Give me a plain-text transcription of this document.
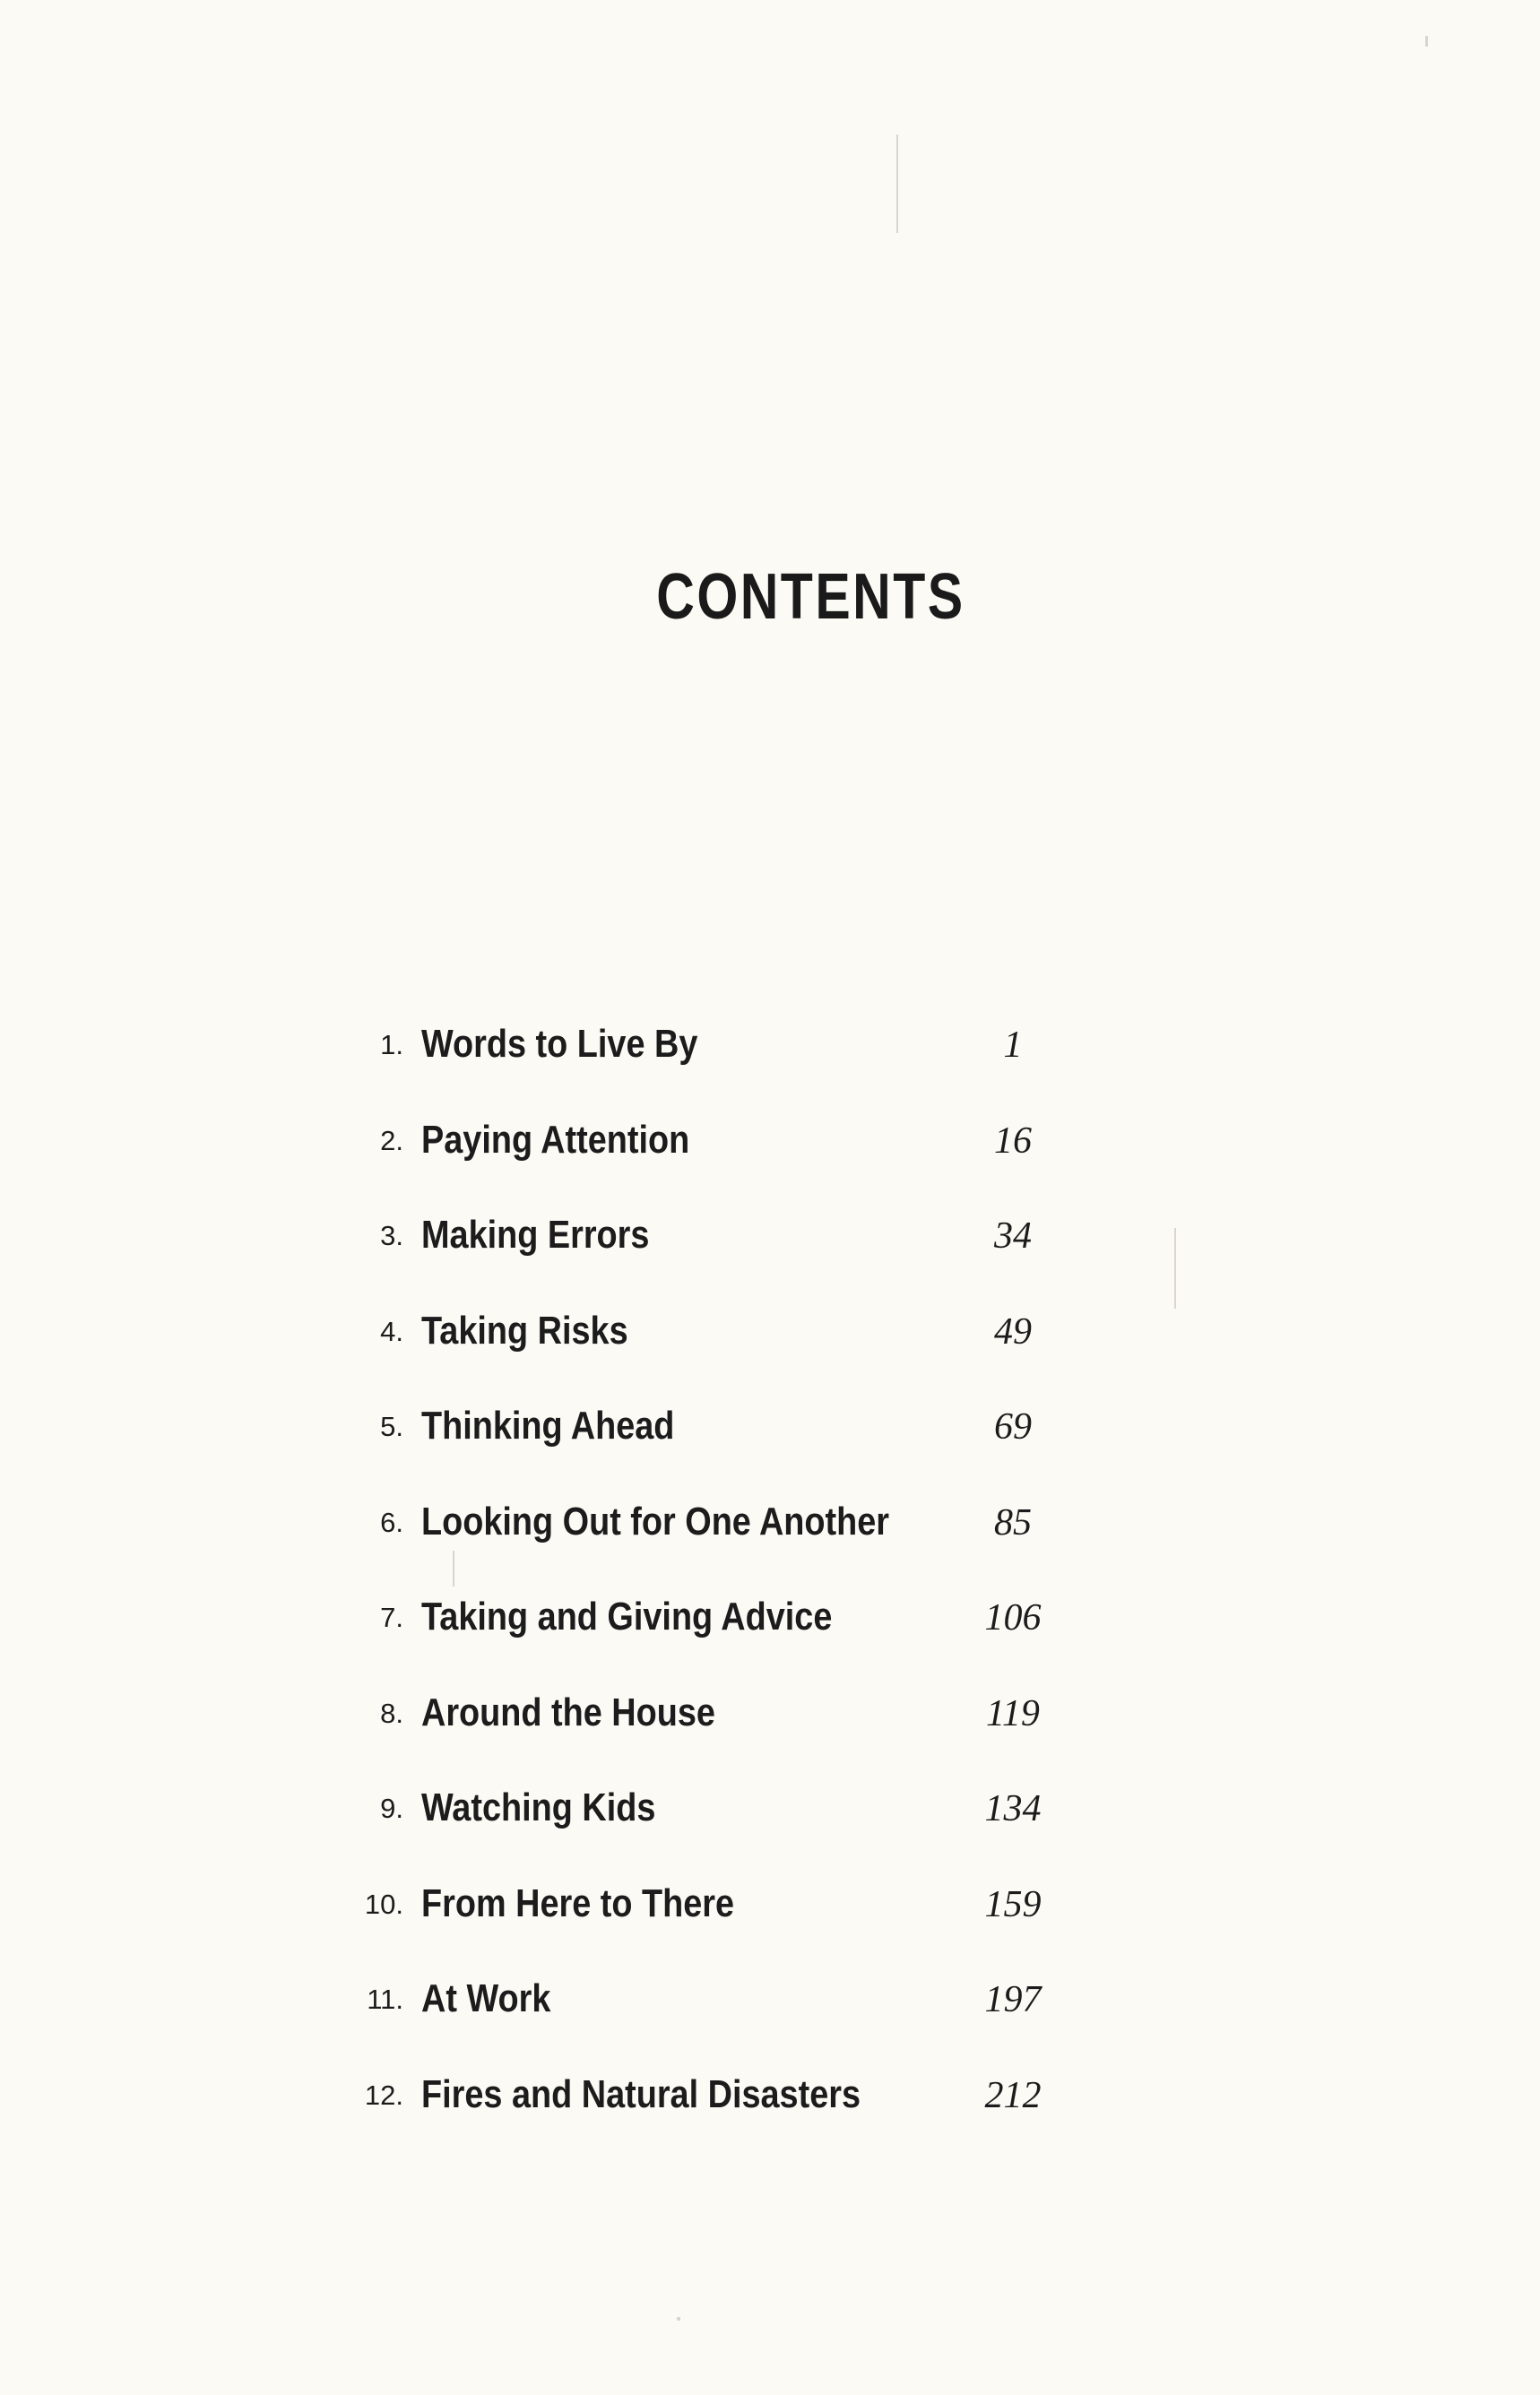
CONTENTS
1. Words to Live By	1
2. Paying Attention	16
3. Making Errors	34
4. Taking Risks	49
5. Thinking Ahead	69
6. Looking Out for One Another	85
7. Taking and Giving Advice	106
8. Around the House	119
9. Watching Kids	134
10. From Here to There	159
11. At Work	197
12. Fires and Natural Disasters	212
